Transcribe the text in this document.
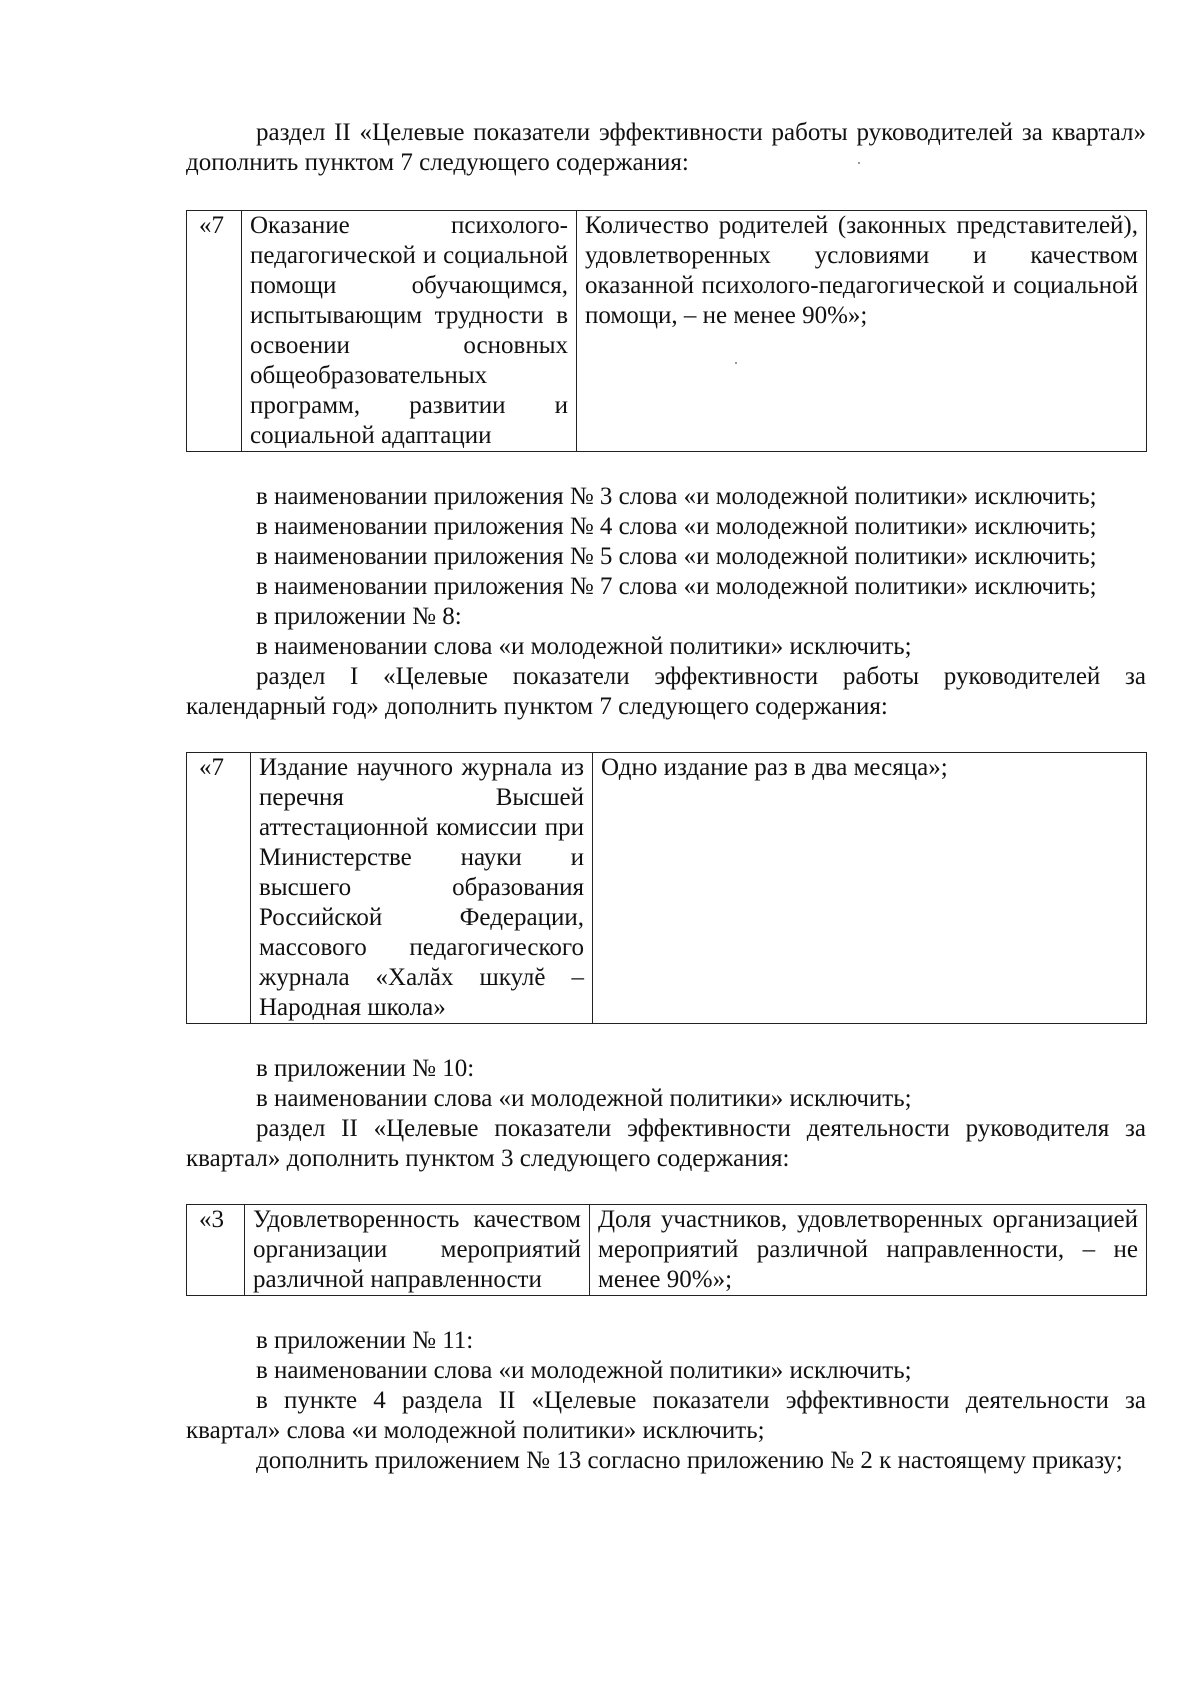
раздел II «Целевые показатели эффективности работы руководителей за квартал» дополнить пунктом 7 следующего содержания:

«7	Оказание психолого-педагогической и социальной помощи обучающимся, испытывающим трудности в освоении основных общеобразовательных программ, развитии и социальной адаптации	Количество родителей (законных представителей), удовлетворенных условиями и качеством оказанной психолого-педагогической и социальной помощи, – не менее 90%»;

в наименовании приложения № 3 слова «и молодежной политики» исключить;

в наименовании приложения № 4 слова «и молодежной политики» исключить;

в наименовании приложения № 5 слова «и молодежной политики» исключить;

в наименовании приложения № 7 слова «и молодежной политики» исключить;

в приложении № 8:

в наименовании слова «и молодежной политики» исключить;

раздел I «Целевые показатели эффективности работы руководителей за календарный год» дополнить пунктом 7 следующего содержания:

«7	Издание научного журнала из перечня Высшей аттестационной комиссии при Министерстве науки и высшего образования Российской Федерации, массового педагогического журнала «Халăх шкулĕ – Народная школа»	Одно издание раз в два месяца»;

в приложении № 10:

в наименовании слова «и молодежной политики» исключить;

раздел II «Целевые показатели эффективности деятельности руководителя за квартал» дополнить пунктом 3 следующего содержания:

«3	Удовлетворенность качеством организации мероприятий различной направленности	Доля участников, удовлетворенных организацией мероприятий различной направленности, – не менее 90%»;

в приложении № 11:

в наименовании слова «и молодежной политики» исключить;

в пункте 4 раздела II «Целевые показатели эффективности деятельности за квартал» слова «и молодежной политики» исключить;

дополнить приложением № 13 согласно приложению № 2 к настоящему приказу;
